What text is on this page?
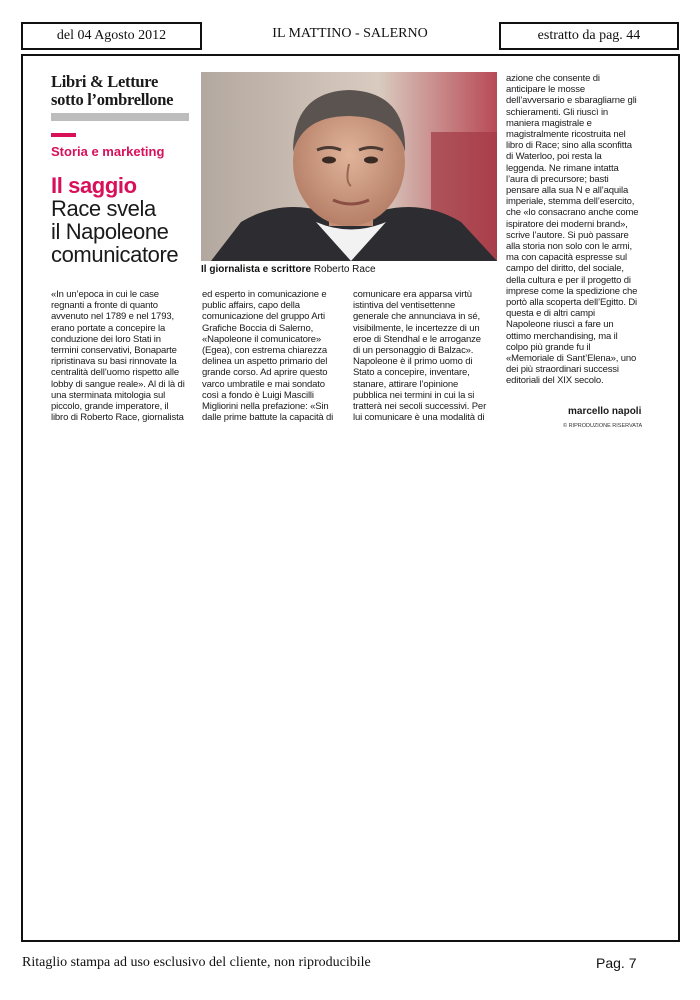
del 04 Agosto 2012	IL MATTINO - SALERNO	estratto da pag. 44
Libri & Letture
sotto l’ombrellone
Storia e marketing
Il saggio
Race svela
il Napoleone
comunicatore
Il giornalista e scrittore Roberto Race
«In un’epoca in cui le case
regnanti a fronte di quanto
avvenuto nel 1789 e nel 1793,
erano portate a concepire la
conduzione dei loro Stati in
termini conservativi, Bonaparte
ripristinava su basi rinnovate la
centralità dell’uomo rispetto alle
lobby di sangue reale». Al di là di
una sterminata mitologia sul
piccolo, grande imperatore, il
libro di Roberto Race, giornalista
ed esperto in comunicazione e
public affairs, capo della
comunicazione del gruppo Arti
Grafiche Boccia di Salerno,
«Napoleone il comunicatore»
(Egea), con estrema chiarezza
delinea un aspetto primario del
grande corso. Ad aprire questo
varco umbratile e mai sondato
così a fondo è Luigi Mascilli
Migliorini nella prefazione: «Sin
dalle prime battute la capacità di
comunicare era apparsa virtù
istintiva del ventisettenne
generale che annunciava in sé,
visibilmente, le incertezze di un
eroe di Stendhal e le arroganze
di un personaggio di Balzac».
Napoleone è il primo uomo di
Stato a concepire, inventare,
stanare, attirare l’opinione
pubblica nei termini in cui la si
tratterà nei secoli successivi. Per
lui comunicare è una modalità di
azione che consente di
anticipare le mosse
dell’avversario e sbaragliarne gli
schieramenti. Gli riuscì in
maniera magistrale e
magistralmente ricostruita nel
libro di Race; sino alla sconfitta
di Waterloo, poi resta la
leggenda. Ne rimane intatta
l’aura di precursore; basti
pensare alla sua N e all’aquila
imperiale, stemma dell’esercito,
che «lo consacrano anche come
ispiratore dei moderni brand»,
scrive l’autore. Si può passare
alla storia non solo con le armi,
ma con capacità espresse sul
campo del diritto, del sociale,
della cultura e per il progetto di
imprese come la spedizione che
portò alla scoperta dell’Egitto. Di
questa e di altri campi
Napoleone riuscì a fare un
ottimo merchandising, ma il
colpo più grande fu il
«Memoriale di Sant’Elena», uno
dei più straordinari successi
editoriali del XIX secolo.
marcello napoli
© RIPRODUZIONE RISERVATA
Ritaglio stampa ad uso esclusivo del cliente, non riproducibile	Pag. 7
